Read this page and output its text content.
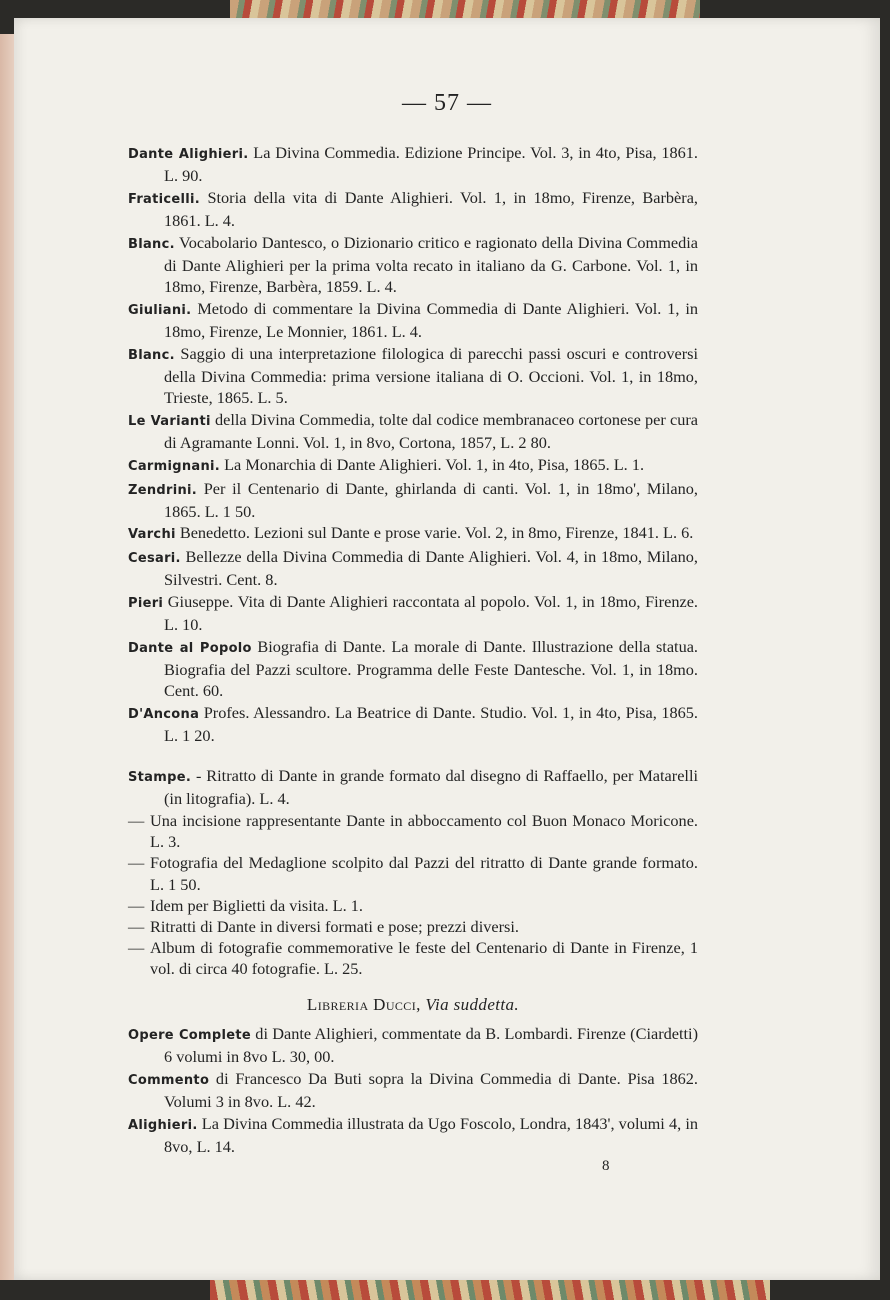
— 57 —

Dante Alighieri. La Divina Commedia. Edizione Principe. Vol. 3, in 4to, Pisa, 1861. L. 90.

Fraticelli. Storia della vita di Dante Alighieri. Vol. 1, in 18mo, Firenze, Barbèra, 1861. L. 4.

Blanc. Vocabolario Dantesco, o Dizionario critico e ragionato della Divina Commedia di Dante Alighieri per la prima volta recato in italiano da G. Carbone. Vol. 1, in 18mo, Firenze, Barbèra, 1859. L. 4.

Giuliani. Metodo di commentare la Divina Commedia di Dante Alighieri. Vol. 1, in 18mo, Firenze, Le Monnier, 1861. L. 4.

Blanc. Saggio di una interpretazione filologica di parecchi passi oscuri e controversi della Divina Commedia: prima versione italiana di O. Occioni. Vol. 1, in 18mo, Trieste, 1865. L. 5.

Le Varianti della Divina Commedia, tolte dal codice membranaceo cortonese per cura di Agramante Lonni. Vol. 1, in 8vo, Cortona, 1857, L. 2 80.

Carmignani. La Monarchia di Dante Alighieri. Vol. 1, in 4to, Pisa, 1865. L. 1.

Zendrini. Per il Centenario di Dante, ghirlanda di canti. Vol. 1, in 18mo', Milano, 1865. L. 1 50.

Varchi Benedetto. Lezioni sul Dante e prose varie. Vol. 2, in 8mo, Firenze, 1841. L. 6.

Cesari. Bellezze della Divina Commedia di Dante Alighieri. Vol. 4, in 18mo, Milano, Silvestri. Cent. 8.

Pieri Giuseppe. Vita di Dante Alighieri raccontata al popolo. Vol. 1, in 18mo, Firenze. L. 10.

Dante al Popolo Biografia di Dante. La morale di Dante. Illustrazione della statua. Biografia del Pazzi scultore. Programma delle Feste Dantesche. Vol. 1, in 18mo. Cent. 60.

D'Ancona Profes. Alessandro. La Beatrice di Dante. Studio. Vol. 1, in 4to, Pisa, 1865. L. 1 20.

Stampe. - Ritratto di Dante in grande formato dal disegno di Raffaello, per Matarelli (in litografia). L. 4.

— Una incisione rappresentante Dante in abboccamento col Buon Monaco Moricone. L. 3.
— Fotografia del Medaglione scolpito dal Pazzi del ritratto di Dante grande formato. L. 1 50.
— Idem per Biglietti da visita. L. 1.
— Ritratti di Dante in diversi formati e pose; prezzi diversi.
— Album di fotografie commemorative le feste del Centenario di Dante in Firenze, 1 vol. di circa 40 fotografie. L. 25.
Libreria Ducci, Via suddetta.

Opere Complete di Dante Alighieri, commentate da B. Lombardi. Firenze (Ciardetti) 6 volumi in 8vo L. 30, 00.

Commento di Francesco Da Buti sopra la Divina Commedia di Dante. Pisa 1862. Volumi 3 in 8vo. L. 42.

Alighieri. La Divina Commedia illustrata da Ugo Foscolo, Londra, 1843', volumi 4, in 8vo, L. 14.

8
